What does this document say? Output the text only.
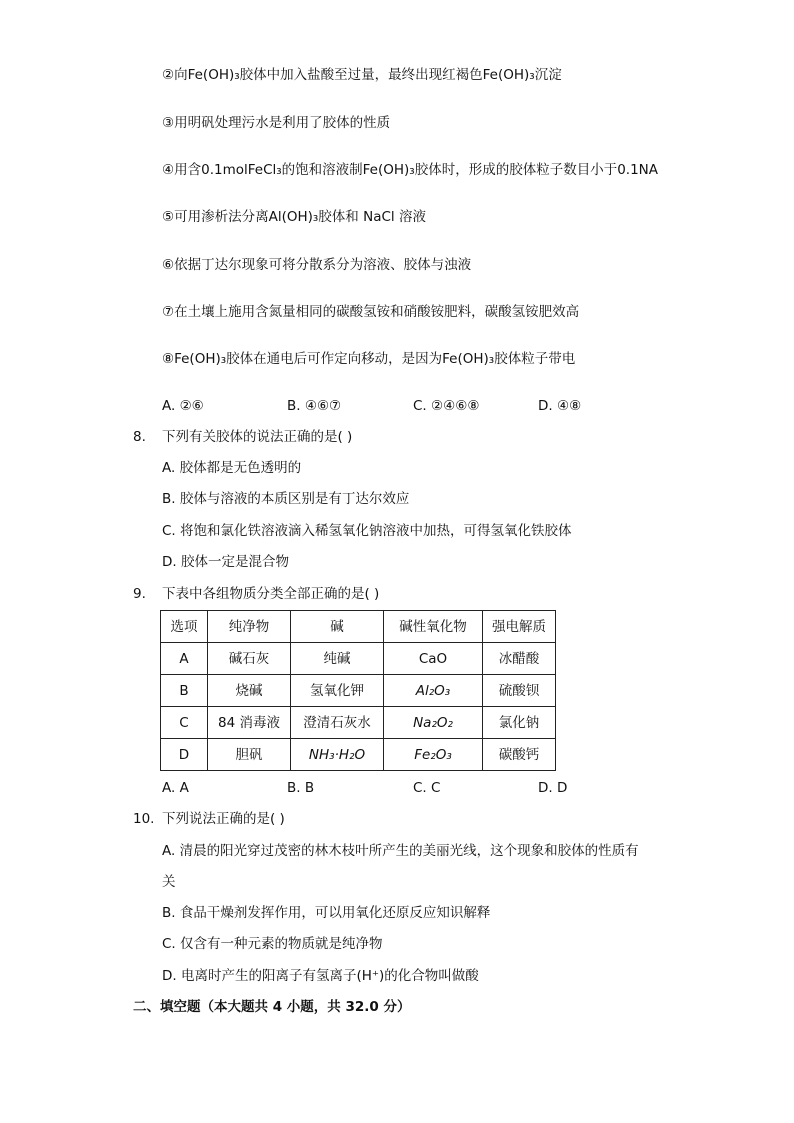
②向Fe(OH)₃胶体中加入盐酸至过量，最终出现红褐色Fe(OH)₃沉淀
③用明矾处理污水是利用了胶体的性质
④用含0.1molFeCl₃的饱和溶液制Fe(OH)₃胶体时，形成的胶体粒子数目小于0.1NA
⑤可用渗析法分离Al(OH)₃胶体和 NaCl 溶液
⑥依据丁达尔现象可将分散系分为溶液、胶体与浊液
⑦在土壤上施用含氮量相同的碳酸氢铵和硝酸铵肥料，碳酸氢铵肥效高
⑧Fe(OH)₃胶体在通电后可作定向移动，是因为Fe(OH)₃胶体粒子带电
A. ②⑥	B. ④⑥⑦	C. ②④⑥⑧	D. ④⑧
8. 下列有关胶体的说法正确的是( )
A. 胶体都是无色透明的
B. 胶体与溶液的本质区别是有丁达尔效应
C. 将饱和氯化铁溶液滴入稀氢氧化钠溶液中加热，可得氢氧化铁胶体
D. 胶体一定是混合物
9. 下表中各组物质分类全部正确的是( )
选项	纯净物	碱	碱性氧化物	强电解质
A	碱石灰	纯碱	CaO	冰醋酸
B	烧碱	氢氧化钾	Al₂O₃	硫酸钡
C	84 消毒液	澄清石灰水	Na₂O₂	氯化钠
D	胆矾	NH₃·H₂O	Fe₂O₃	碳酸钙
A. A	B. B	C. C	D. D
10. 下列说法正确的是( )
A. 清晨的阳光穿过茂密的林木枝叶所产生的美丽光线，这个现象和胶体的性质有
关
B. 食品干燥剂发挥作用，可以用氧化还原反应知识解释
C. 仅含有一种元素的物质就是纯净物
D. 电离时产生的阳离子有氢离子(H⁺)的化合物叫做酸
二、填空题（本大题共 4 小题，共 32.0 分）
